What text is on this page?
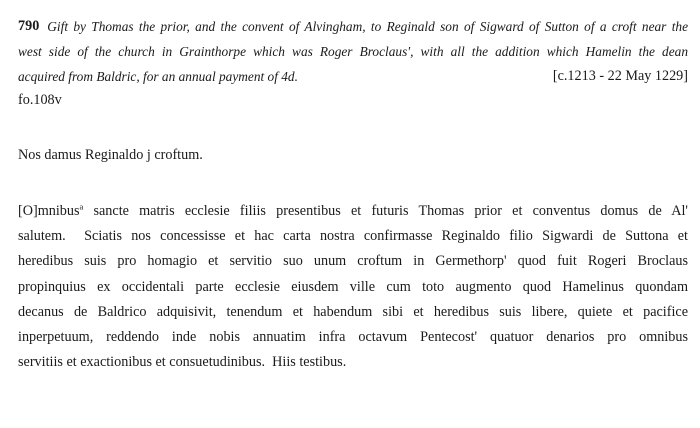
790 Gift by Thomas the prior, and the convent of Alvingham, to Reginald son of Sigward of Sutton of a croft near the
west side of the church in Grainthorpe which was Roger Broclaus', with all the addition which Hamelin the dean
acquired from Baldric, for an annual payment of 4d.	[c.1213 - 22 May 1229]

fo.108v

Nos damus Reginaldo j croftum.
[O]mnibus$^a$ sancte matris ecclesie filiis presentibus et futuris Thomas prior et conventus domus de Al'
salutem.  Sciatis nos concessisse et hac carta nostra confirmasse Reginaldo filio Sigwardi de Suttona et
heredibus suis pro homagio et servitio suo unum croftum in Germethorp' quod fuit Rogeri Broclaus
propinquius ex occidentali parte ecclesie eiusdem ville cum toto augmento quod Hamelinus quondam
decanus de Baldrico adquisivit, tenendum et habendum sibi et heredibus suis libere, quiete et pacifice
inperpetuum, reddendo inde nobis annuatim infra octavum Pentecost' quatuor denarios pro omnibus
servitiis et exactionibus et consuetudinibus.  Hiis testibus.
